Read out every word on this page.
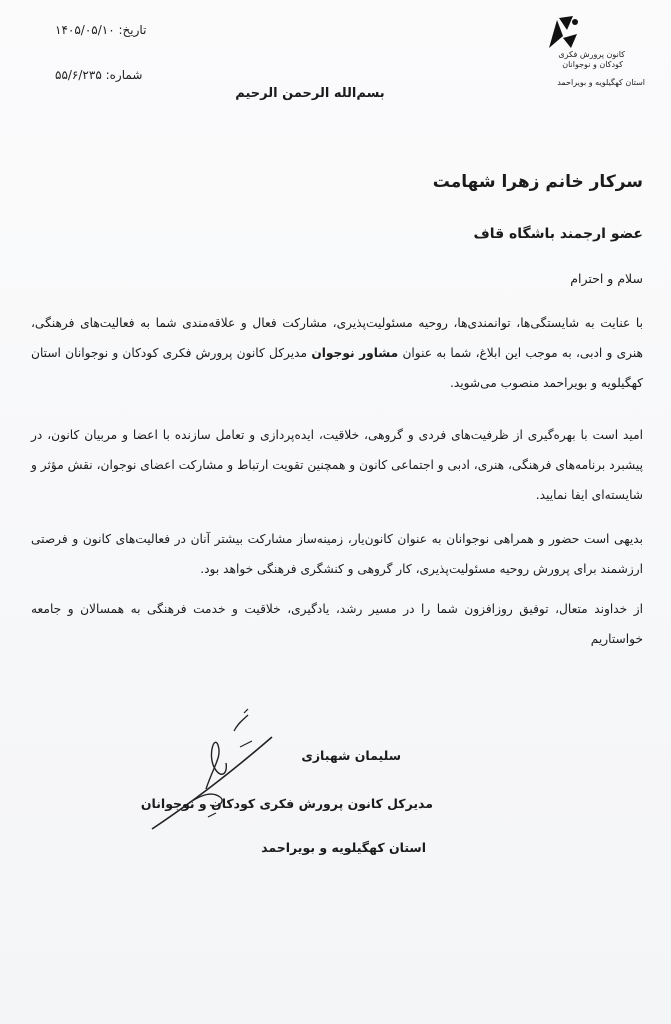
کانون پرورش فکری

کودکان و نوجوانان

استان کهگیلویه و بویراحمد

تاریخ: ۱۴۰۵/۰۵/۱۰
شماره: ۵۵/۶/۲۳۵
بسم‌الله الرحمن الرحیم
سرکار خانم زهرا شهامت
عضو ارجمند باشگاه قاف
سلام و احترام
با عنایت به شایستگی‌ها، توانمندی‌ها، روحیه مسئولیت‌پذیری، مشارکت فعال و علاقه‌مندی شما به فعالیت‌های فرهنگی، هنری و ادبی، به موجب این ابلاغ، شما به عنوان مشاور نوجوان مدیرکل کانون پرورش فکری کودکان و نوجوانان استان کهگیلویه و بویراحمد منصوب می‌شوید.
امید است با بهره‌گیری از ظرفیت‌های فردی و گروهی، خلاقیت، ایده‌پردازی و تعامل سازنده با اعضا و مربیان کانون، در پیشبرد برنامه‌های فرهنگی، هنری، ادبی و اجتماعی کانون و همچنین تقویت ارتباط و مشارکت اعضای نوجوان، نقش مؤثر و شایسته‌ای ایفا نمایید.
بدیهی است حضور و همراهی نوجوانان به عنوان کانون‌یار، زمینه‌ساز مشارکت بیشتر آنان در فعالیت‌های کانون و فرصتی ارزشمند برای پرورش روحیه مسئولیت‌پذیری، کار گروهی و کنشگری فرهنگی خواهد بود.
از خداوند متعال، توفیق روزافزون شما را در مسیر رشد، یادگیری، خلاقیت و خدمت فرهنگی به همسالان و جامعه خواستاریم
سلیمان شهبازی
مدیرکل کانون پرورش فکری کودکان و نوجوانان
استان کهگیلویه و بویراحمد
